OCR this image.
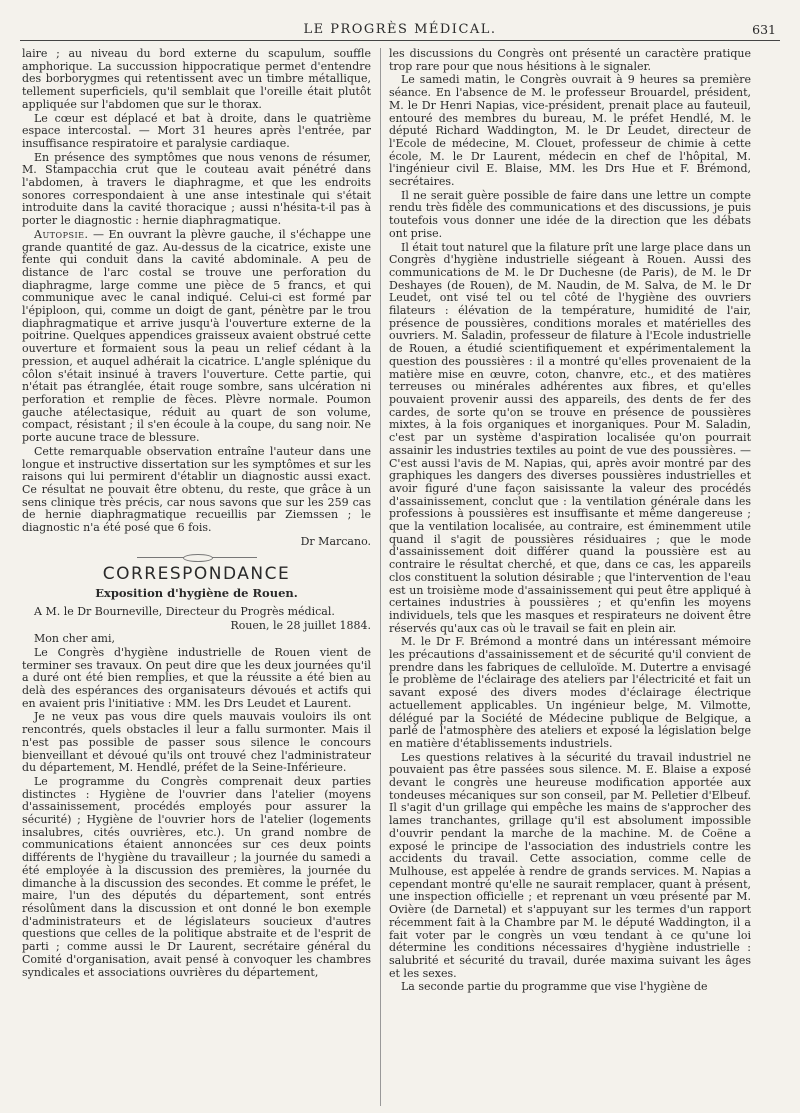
LE PROGRÈS MÉDICAL.	631

laire ; au niveau du bord externe du scapulum, souffle amphorique. La succussion hippocratique permet d'entendre des borborygmes qui retentissent avec un timbre métallique, tellement superficiels, qu'il semblait que l'oreille était plutôt appliquée sur l'abdomen que sur le thorax.

Le cœur est déplacé et bat à droite, dans le quatrième espace intercostal. — Mort 31 heures après l'entrée, par insuffisance respiratoire et paralysie cardiaque.

En présence des symptômes que nous venons de résumer, M. Stampacchia crut que le couteau avait pénétré dans l'abdomen, à travers le diaphragme, et que les endroits sonores correspondaient à une anse intestinale qui s'était introduite dans la cavité thoracique ; aussi n'hésita-t-il pas à porter le diagnostic : hernie diaphragmatique.

Autopsie. — En ouvrant la plèvre gauche, il s'échappe une grande quantité de gaz. Au-dessus de la cicatrice, existe une fente qui conduit dans la cavité abdominale. A peu de distance de l'arc costal se trouve une perforation du diaphragme, large comme une pièce de 5 francs, et qui communique avec le canal indiqué. Celui-ci est formé par l'épiploon, qui, comme un doigt de gant, pénètre par le trou diaphragmatique et arrive jusqu'à l'ouverture externe de la poitrine. Quelques appendices graisseux avaient obstrué cette ouverture et formaient sous la peau un relief cédant à la pression, et auquel adhérait la cicatrice. L'angle splénique du côlon s'était insinué à travers l'ouverture. Cette partie, qui n'était pas étranglée, était rouge sombre, sans ulcération ni perforation et remplie de fèces. Plèvre normale. Poumon gauche atélectasique, réduit au quart de son volume, compact, résistant ; il s'en écoule à la coupe, du sang noir. Ne porte aucune trace de blessure.

Cette remarquable observation entraîne l'auteur dans une longue et instructive dissertation sur les symptômes et sur les raisons qui lui permirent d'établir un diagnostic aussi exact. Ce résultat ne pouvait être obtenu, du reste, que grâce à un sens clinique très précis, car nous savons que sur les 259 cas de hernie diaphragmatique recueillis par Ziemssen ; le diagnostic n'a été posé que 6 fois.

Dr Marcano.

CORRESPONDANCE
Exposition d'hygiène de Rouen.

A M. le Dr Bourneville, Directeur du Progrès médical.

Rouen, le 28 juillet 1884.

Mon cher ami,

Le Congrès d'hygiène industrielle de Rouen vient de terminer ses travaux. On peut dire que les deux journées qu'il a duré ont été bien remplies, et que la réussite a été bien au delà des espérances des organisateurs dévoués et actifs qui en avaient pris l'initiative : MM. les Drs Leudet et Laurent.

Je ne veux pas vous dire quels mauvais vouloirs ils ont rencontrés, quels obstacles il leur a fallu surmonter. Mais il n'est pas possible de passer sous silence le concours bienveillant et dévoué qu'ils ont trouvé chez l'administrateur du département, M. Hendlé, préfet de la Seine-Inférieure.

Le programme du Congrès comprenait deux parties distinctes : Hygiène de l'ouvrier dans l'atelier (moyens d'assainissement, procédés employés pour assurer la sécurité) ; Hygiène de l'ouvrier hors de l'atelier (logements insalubres, cités ouvrières, etc.). Un grand nombre de communications étaient annoncées sur ces deux points différents de l'hygiène du travailleur ; la journée du samedi a été employée à la discussion des premières, la journée du dimanche à la discussion des secondes. Et comme le préfet, le maire, l'un des députés du département, sont entrés résolûment dans la discussion et ont donné le bon exemple d'administrateurs et de législateurs soucieux d'autres questions que celles de la politique abstraite et de l'esprit de parti ; comme aussi le Dr Laurent, secrétaire général du Comité d'organisation, avait pensé à convoquer les chambres syndicales et associations ouvrières du département,

les discussions du Congrès ont présenté un caractère pratique trop rare pour que nous hésitions à le signaler.

Le samedi matin, le Congrès ouvrait à 9 heures sa première séance. En l'absence de M. le professeur Brouardel, président, M. le Dr Henri Napias, vice-président, prenait place au fauteuil, entouré des membres du bureau, M. le préfet Hendlé, M. le député Richard Waddington, M. le Dr Leudet, directeur de l'Ecole de médecine, M. Clouet, professeur de chimie à cette école, M. le Dr Laurent, médecin en chef de l'hôpital, M. l'ingénieur civil E. Blaise, MM. les Drs Hue et F. Brémond, secrétaires.

Il ne serait guère possible de faire dans une lettre un compte rendu très fidèle des communications et des discussions, je puis toutefois vous donner une idée de la direction que les débats ont prise.

Il était tout naturel que la filature prît une large place dans un Congrès d'hygiène industrielle siégeant à Rouen. Aussi des communications de M. le Dr Duchesne (de Paris), de M. le Dr Deshayes (de Rouen), de M. Naudin, de M. Salva, de M. le Dr Leudet, ont visé tel ou tel côté de l'hygiène des ouvriers filateurs : élévation de la température, humidité de l'air, présence de poussières, conditions morales et matérielles des ouvriers. M. Saladin, professeur de filature à l'Ecole industrielle de Rouen, a étudié scientifiquement et expérimentalement la question des poussières : il a montré qu'elles provenaient de la matière mise en œuvre, coton, chanvre, etc., et des matières terreuses ou minérales adhérentes aux fibres, et qu'elles pouvaient provenir aussi des appareils, des dents de fer des cardes, de sorte qu'on se trouve en présence de poussières mixtes, à la fois organiques et inorganiques. Pour M. Saladin, c'est par un système d'aspiration localisée qu'on pourrait assainir les industries textiles au point de vue des poussières. — C'est aussi l'avis de M. Napias, qui, après avoir montré par des graphiques les dangers des diverses poussières industrielles et avoir figuré d'une façon saisissante la valeur des procédés d'assainissement, conclut que : la ventilation générale dans les professions à poussières est insuffisante et même dangereuse ; que la ventilation localisée, au contraire, est éminemment utile quand il s'agit de poussières résiduaires ; que le mode d'assainissement doit différer quand la poussière est au contraire le résultat cherché, et que, dans ce cas, les appareils clos constituent la solution désirable ; que l'intervention de l'eau est un troisième mode d'assainissement qui peut être appliqué à certaines industries à poussières ; et qu'enfin les moyens individuels, tels que les masques et respirateurs ne doivent être réservés qu'aux cas où le travail se fait en plein air.

M. le Dr F. Brémond a montré dans un intéressant mémoire les précautions d'assainissement et de sécurité qu'il convient de prendre dans les fabriques de celluloïde. M. Dutertre a envisagé le problème de l'éclairage des ateliers par l'électricité et fait un savant exposé des divers modes d'éclairage électrique actuellement applicables. Un ingénieur belge, M. Vilmotte, délégué par la Société de Médecine publique de Belgique, a parlé de l'atmosphère des ateliers et exposé la législation belge en matière d'établissements industriels.

Les questions relatives à la sécurité du travail industriel ne pouvaient pas être passées sous silence. M. E. Blaise a exposé devant le congrès une heureuse modification apportée aux tondeuses mécaniques sur son conseil, par M. Pelletier d'Elbeuf. Il s'agit d'un grillage qui empêche les mains de s'approcher des lames tranchantes, grillage qu'il est absolument impossible d'ouvrir pendant la marche de la machine. M. de Coëne a exposé le principe de l'association des industriels contre les accidents du travail. Cette association, comme celle de Mulhouse, est appelée à rendre de grands services. M. Napias a cependant montré qu'elle ne saurait remplacer, quant à présent, une inspection officielle ; et reprenant un vœu présenté par M. Ovière (de Darnetal) et s'appuyant sur les termes d'un rapport récemment fait à la Chambre par M. le député Waddington, il a fait voter par le congrès un vœu tendant à ce qu'une loi détermine les conditions nécessaires d'hygiène industrielle : salubrité et sécurité du travail, durée maxima suivant les âges et les sexes.

La seconde partie du programme que vise l'hygiène de
